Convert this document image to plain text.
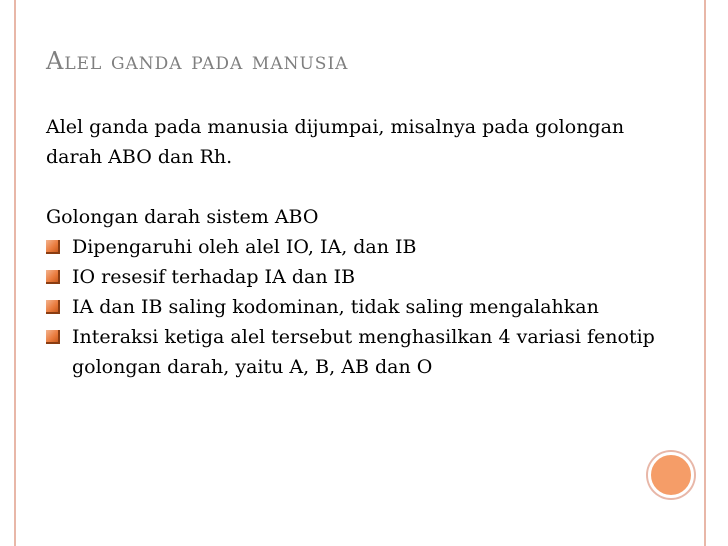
Alel ganda pada manusia

Alel ganda pada manusia dijumpai, misalnya pada golongan darah ABO dan Rh.

Golongan darah sistem ABO

Dipengaruhi oleh alel IO, IA, dan IB
IO resesif terhadap IA dan IB
IA dan IB saling kodominan, tidak saling mengalahkan
Interaksi ketiga alel tersebut menghasilkan 4 variasi fenotip golongan darah, yaitu A, B, AB dan O
